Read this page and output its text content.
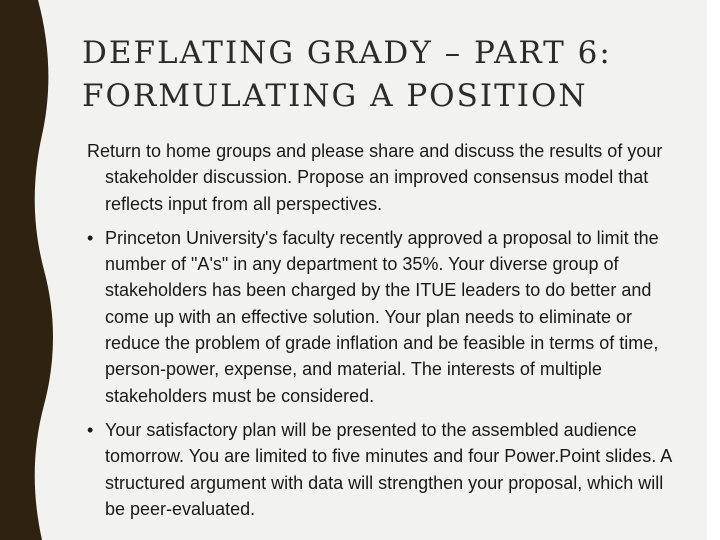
DEFLATING GRADY – PART 6:
FORMULATING A POSITION

Return to home groups and please share and discuss the results of your stakeholder discussion. Propose an improved consensus model that reflects input from all perspectives.

• Princeton University's faculty recently approved a proposal to limit the number of "A's" in any department to 35%. Your diverse group of stakeholders has been charged by the ITUE leaders to do better and come up with an effective solution. Your plan needs to eliminate or reduce the problem of grade inflation and be feasible in terms of time, person-power, expense, and material. The interests of multiple stakeholders must be considered.
• Your satisfactory plan will be presented to the assembled audience tomorrow. You are limited to five minutes and four Power.Point slides. A structured argument with data will strengthen your proposal, which will be peer-evaluated.
